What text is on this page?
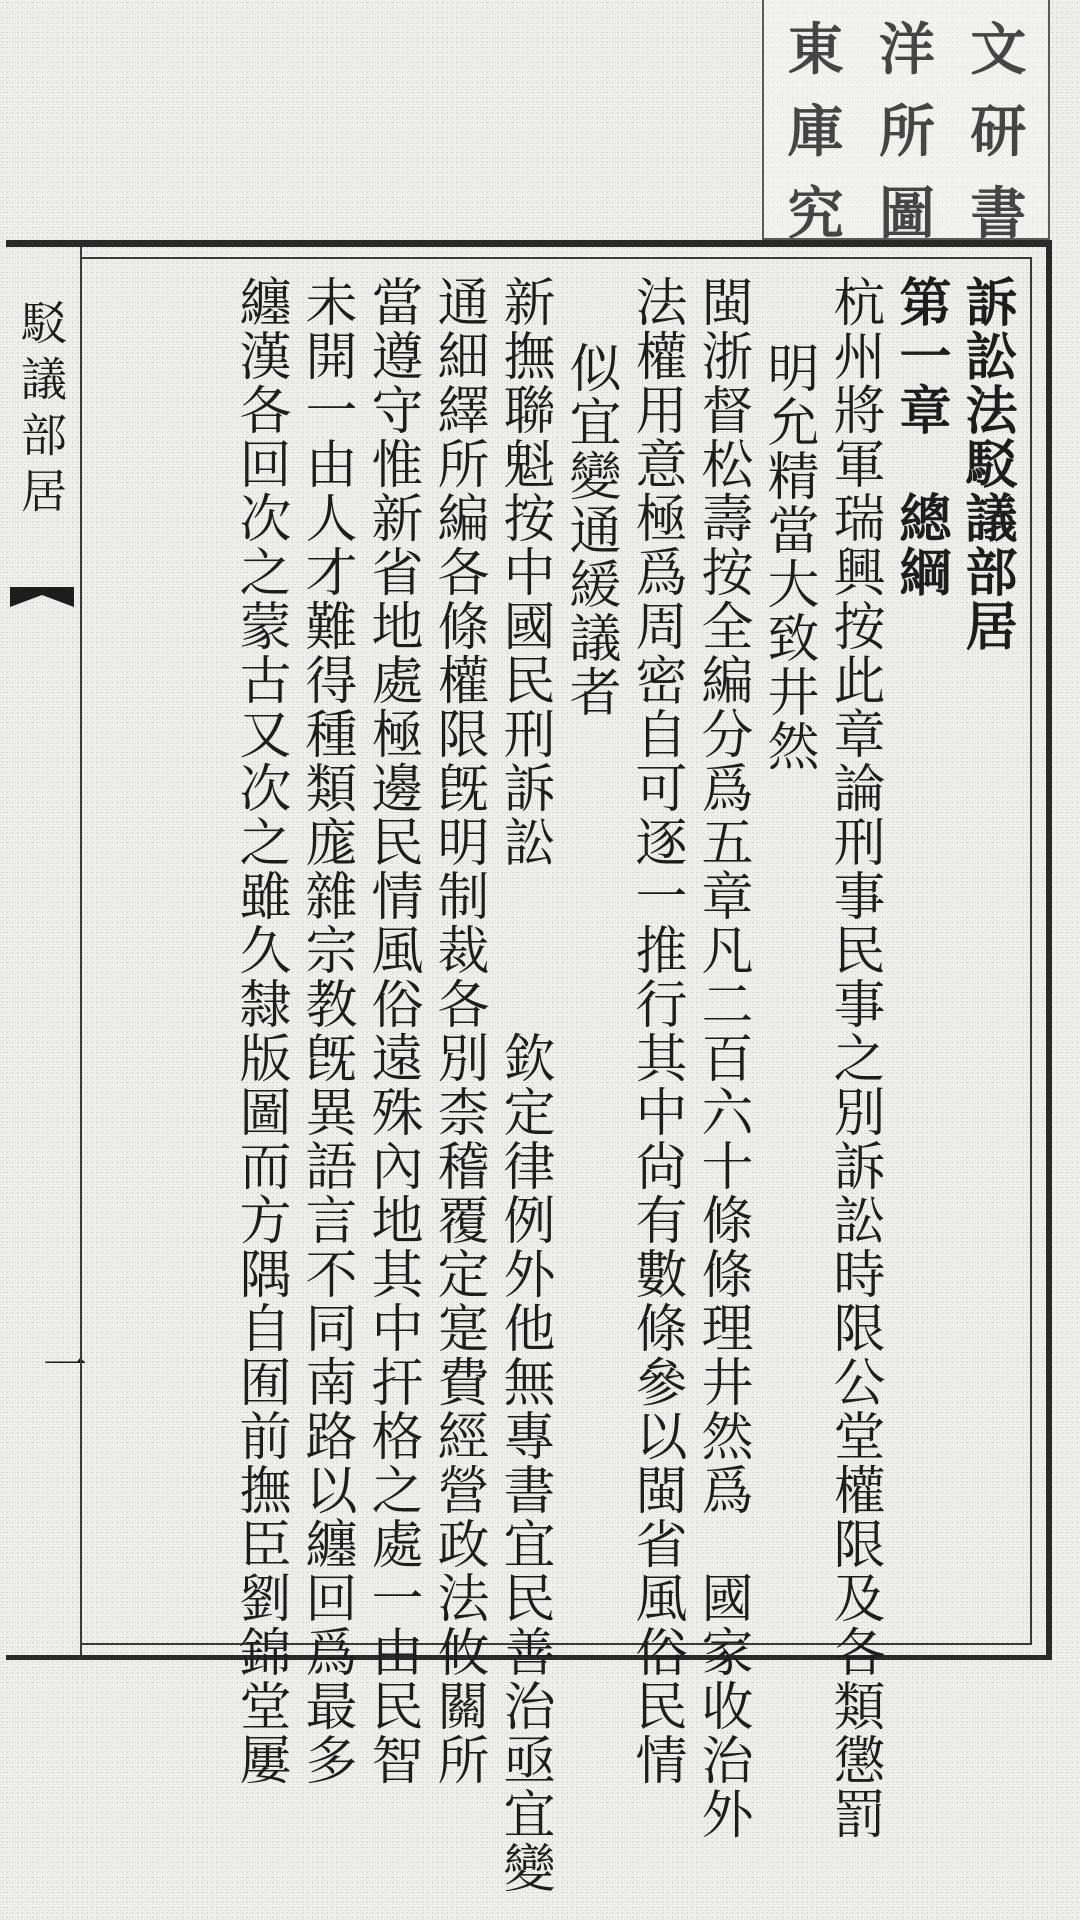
東 洋 文
庫 所 研
究 圖 書
駁議部居
一
訴訟法駁議部居
第一章　總綱
杭州將軍瑞興按此章論刑事民事之別訴訟時限公堂權限及各類懲罰
明允精當大致井然
閩浙督松壽按全編分爲五章凡二百六十條條理井然爲　國家收治外
法權用意極爲周密自可逐一推行其中尙有數條參以閩省風俗民情
似宜變通緩議者
新撫聯魁按中國民刑訴訟　　　欽定律例外他無專書宜民善治亟宜變
通細繹所編各條權限旣明制裁各別柰稽覆定寔費經營政法攸關所
當遵守惟新省地處極邊民情風俗遠殊內地其中扞格之處一由民智
未開一由人才難得種類庬雜宗教旣異語言不同南路以纏回爲最多
纏漢各回次之蒙古又次之雖久隸版圖而方隅自囿前撫臣劉錦堂屢
